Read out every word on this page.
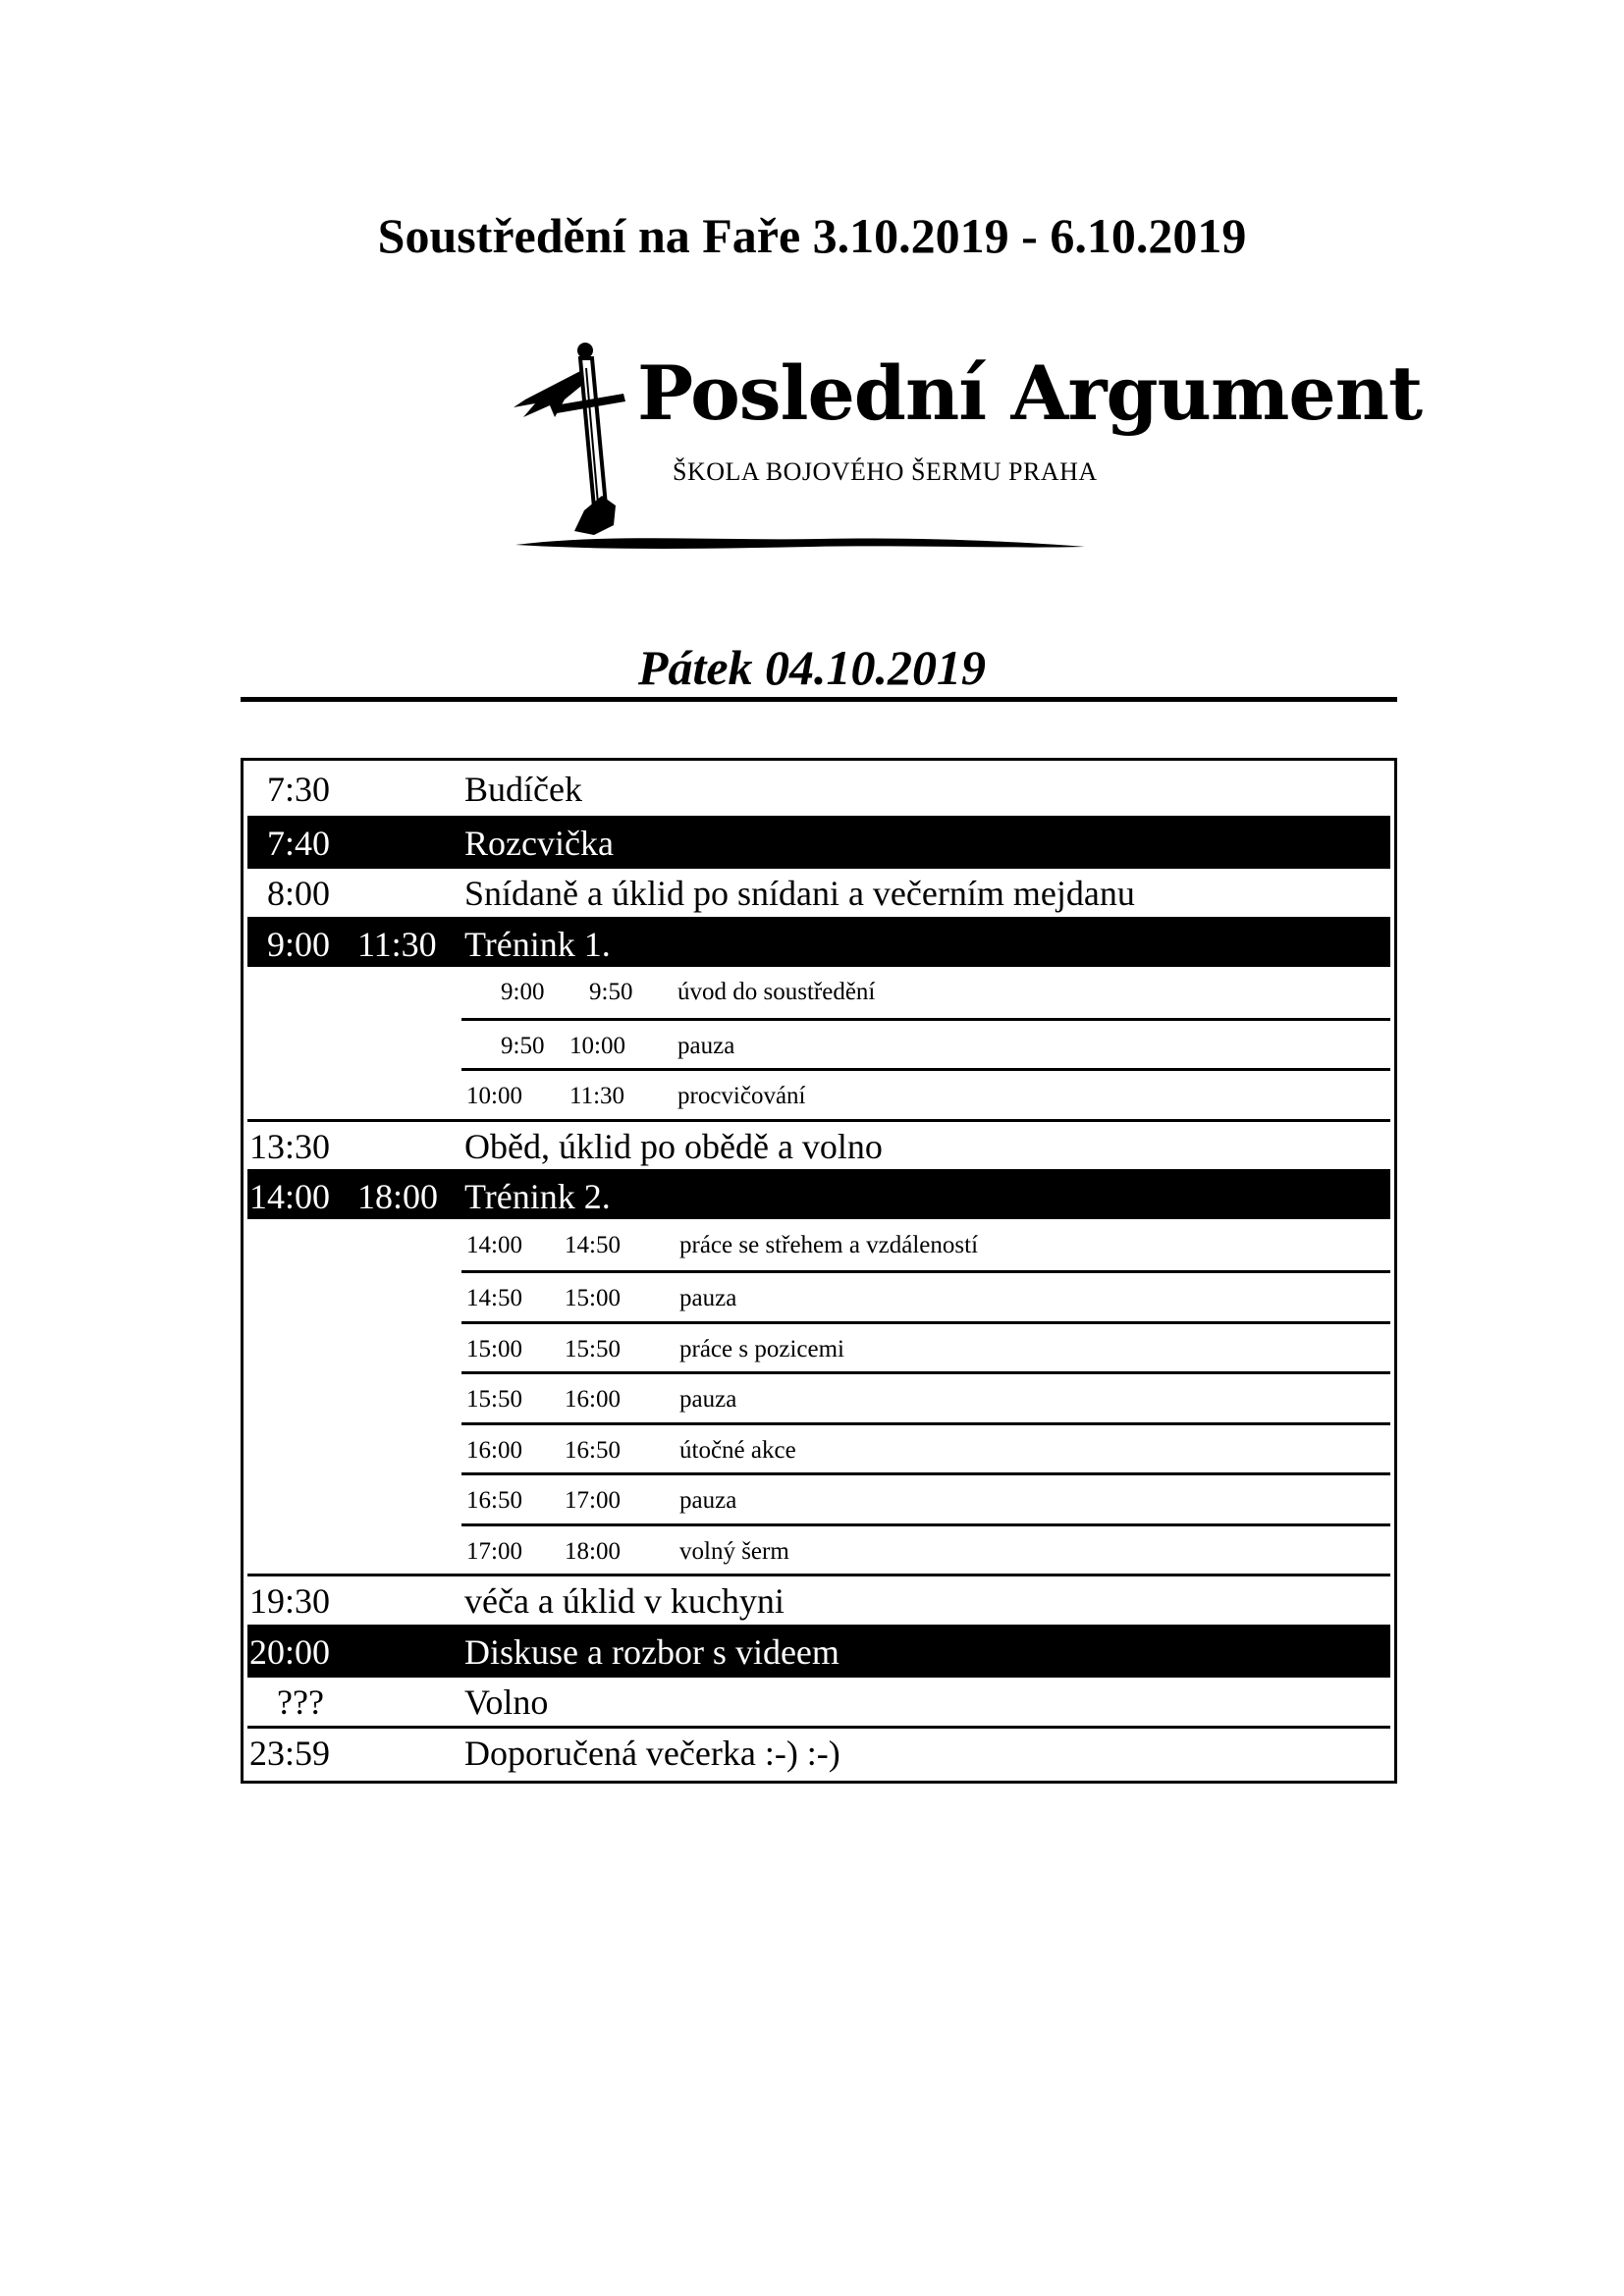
Soustředění na Faře 3.10.2019 - 6.10.2019
Poslední Argument
ŠKOLA BOJOVÉHO ŠERMU PRAHA
Pátek 04.10.2019
7:30	Budíček
7:40	Rozcvička
8:00	Snídaně a úklid po snídani a večerním mejdanu
9:00 11:30 Trénink 1.
9:00 9:50 úvod do soustředění
9:50 10:00 pauza
10:00 11:30 procvičování
13:30	Oběd, úklid po obědě a volno
14:00 18:00 Trénink 2.
14:00 14:50 práce se střehem a vzdáleností
14:50 15:00 pauza
15:00 15:50 práce s pozicemi
15:50 16:00 pauza
16:00 16:50 útočné akce
16:50 17:00 pauza
17:00 18:00 volný šerm
19:30	véča a úklid v kuchyni
20:00	Diskuse a rozbor s videem
???	Volno
23:59	Doporučená večerka :-) :-)
